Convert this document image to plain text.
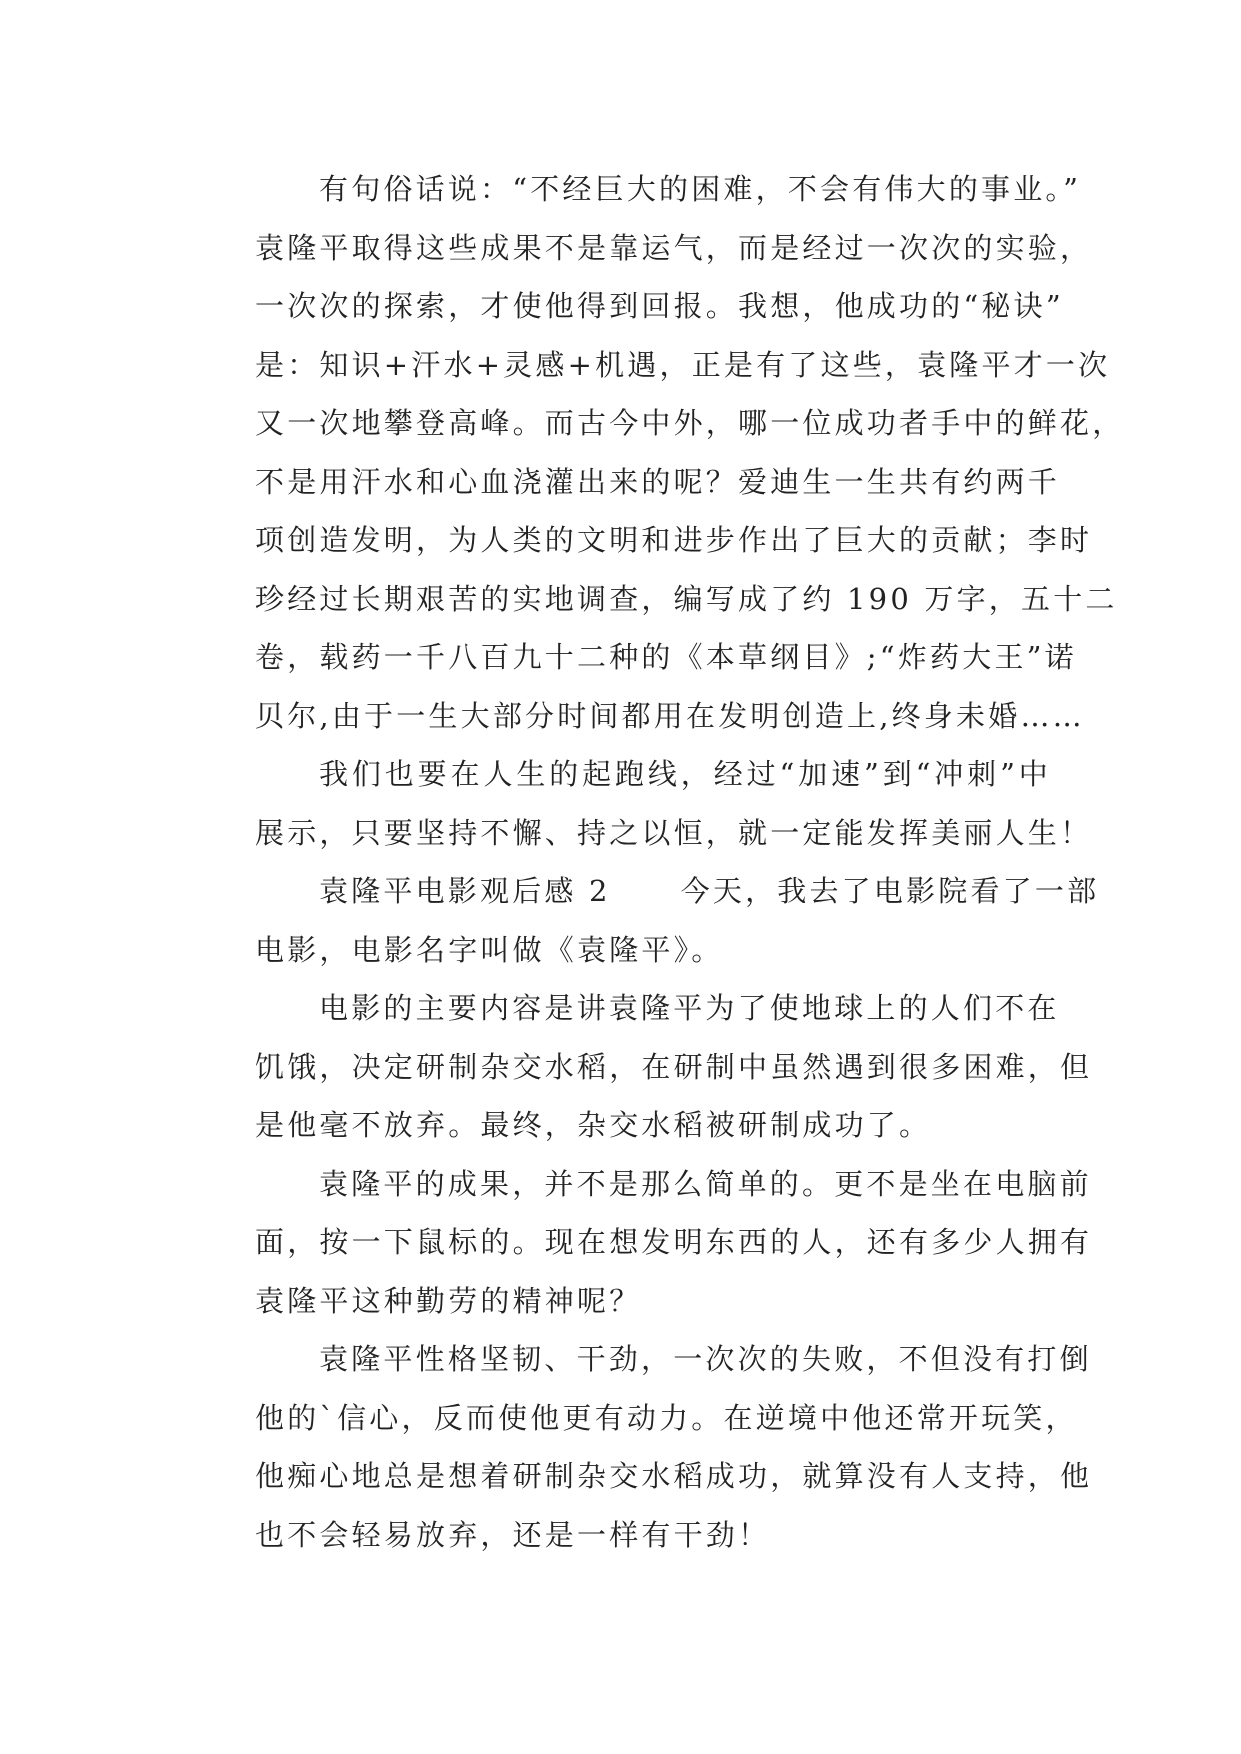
有句俗话说：“不经巨大的困难，不会有伟大的事业。”
袁隆平取得这些成果不是靠运气，而是经过一次次的实验，
一次次的探索，才使他得到回报。我想，他成功的“秘诀”
是：知识+汗水+灵感+机遇，正是有了这些，袁隆平才一次
又一次地攀登高峰。而古今中外，哪一位成功者手中的鲜花，
不是用汗水和心血浇灌出来的呢？爱迪生一生共有约两千
项创造发明，为人类的文明和进步作出了巨大的贡献；李时
珍经过长期艰苦的实地调查，编写成了约 190 万字，五十二
卷，载药一千八百九十二种的《本草纲目》;“炸药大王”诺
贝尔,由于一生大部分时间都用在发明创造上,终身未婚……
我们也要在人生的起跑线，经过“加速”到“冲刺”中
展示，只要坚持不懈、持之以恒，就一定能发挥美丽人生！
袁隆平电影观后感 2 今天，我去了电影院看了一部
电影，电影名字叫做《袁隆平》。
电影的主要内容是讲袁隆平为了使地球上的人们不在
饥饿，决定研制杂交水稻，在研制中虽然遇到很多困难，但
是他毫不放弃。最终，杂交水稻被研制成功了。
袁隆平的成果，并不是那么简单的。更不是坐在电脑前
面，按一下鼠标的。现在想发明东西的人，还有多少人拥有
袁隆平这种勤劳的精神呢？
袁隆平性格坚韧、干劲，一次次的失败，不但没有打倒
他的`信心，反而使他更有动力。在逆境中他还常开玩笑，
他痴心地总是想着研制杂交水稻成功，就算没有人支持，他
也不会轻易放弃，还是一样有干劲！
